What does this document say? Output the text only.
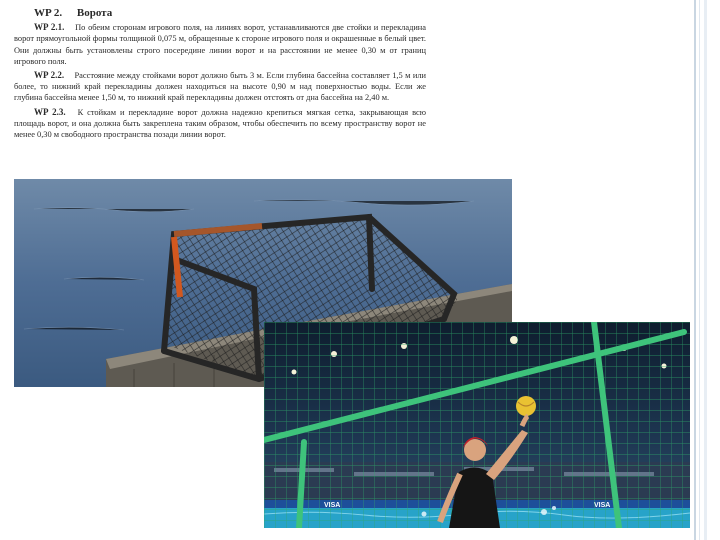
WP 2. Ворота

WP 2.1. По обеим сторонам игрового поля, на линиях ворот, устанавливаются две стойки и перекладина ворот прямоугольной формы толщиной 0,075 м, обращенные к стороне игрового поля и окрашенные в белый цвет. Они должны быть установлены строго посередине линии ворот и на расстоянии не менее 0,30 м от границ игрового поля.

WP 2.2. Расстояние между стойками ворот должно быть 3 м. Если глубина бассейна составляет 1,5 м или более, то нижний край перекладины должен находиться на высоте 0,90 м над поверхностью воды. Если же глубина бассейна менее 1,50 м, то нижний край перекладины должен отстоять от дна бассейна на 2,40 м.

WP 2.3. К стойкам и перекладине ворот должна надежно крепиться мягкая сетка, закрывающая всю площадь ворот, и она должна быть закреплена таким образом, чтобы обеспечить по всему пространству ворот не менее 0,30 м свободного пространства позади линии ворот.
